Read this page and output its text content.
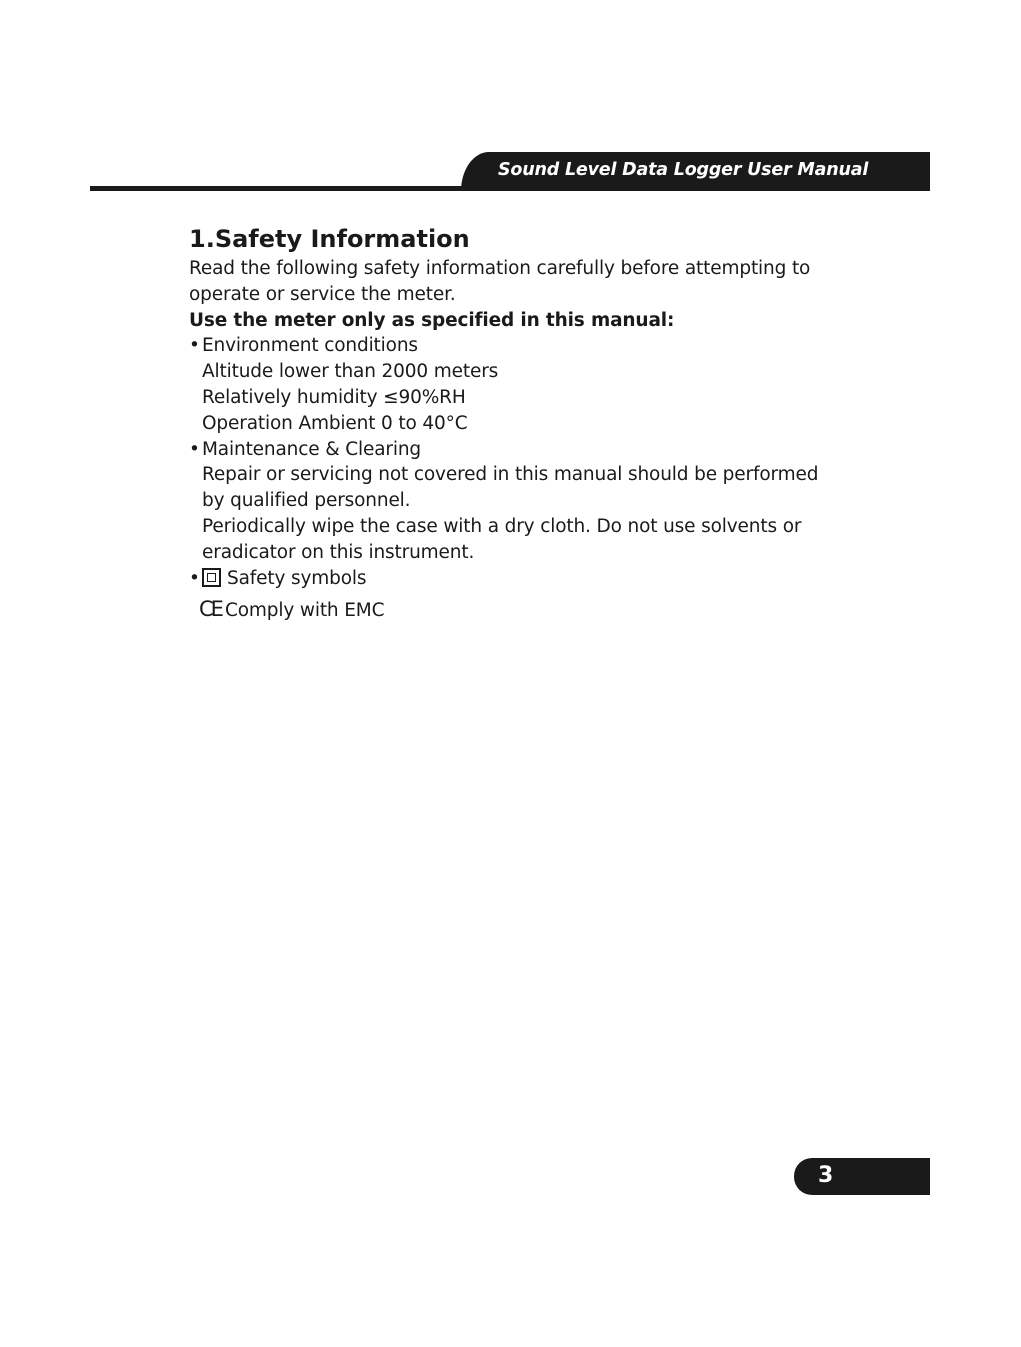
Sound Level Data Logger User Manual
1.Safety Information
Read the following safety information carefully before attempting to
operate or service the meter.
Use the meter only as specified in this manual:
• Environment conditions
Altitude lower than 2000 meters
Relatively humidity ≤90%RH
Operation Ambient 0 to 40°C
• Maintenance & Clearing
Repair or servicing not covered in this manual should be performed
by qualified personnel.
Periodically wipe the case with a dry cloth. Do not use solvents or
eradicator on this instrument.
• Safety symbols
CE Comply with EMC
3
